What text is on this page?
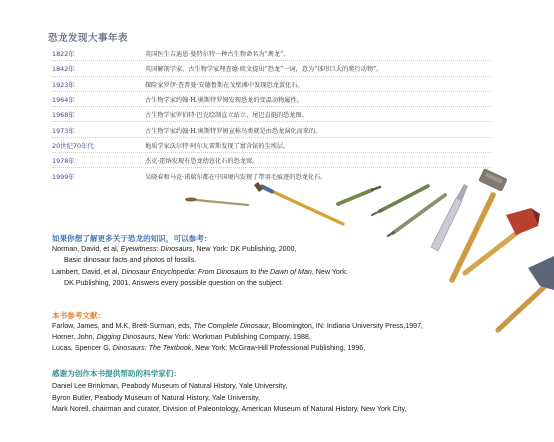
恐龙发现大事年表
1822年	英国医生吉迪恩·曼特尔特一种古生物命名为“禽龙”。
1842年	英国解剖学家、古生物学家理查德·欧文提出“恐龙”一词，意为“体形巨大的爬行动物”。
1923年	探险家罗伊·查普曼·安德鲁斯在戈壁滩中发现恐龙蛋化石。
1964年	古生物学家约翰·H.奥斯特罗姆发现恐龙的变温动物属性。
1968年	古生物学家罗伯特·巴克绘制直立站立、尾巴直挺的恐龙图。
1973年	古生物学家约翰·H.奥斯特罗姆宣称鸟类就是由恐龙演化而来的。
20世纪70年代	地质学家沃尔特·阿尔瓦雷斯发现了富含铱的尘埃层。
1978年	杰克·霍纳发现有恐龙幼崽化石的恐龙窝。
1999年	吴晓春和马克·诺瑞尔都在中国境内发现了带羽毛痕迹的恐龙化石。
如果你想了解更多关于恐龙的知识，可以参考：
Norman, David, et al, Eyewitness: Dinosaurs, New York: DK Publishing, 2000,
Basic dinosaur facts and photos of fossils.
Lambert, David, et al, Dinosaur Encyclopedia: From Dinosaurs to the Dawn of Man, New York:
DK Publishing, 2001, Answers every possible question on the subject.
本书参考文献：
Farlow, James, and M.K, Brett-Surman, eds, The Complete Dinosaur, Bloomington, IN: Indiana University Press,1997,
Horner, John, Digging Dinosaurs, New York: Workman Publishing Company, 1988,
Lucas, Spencer G, Dinosaurs: The Textbook, New York: McGraw-Hill Professional Publishing, 1996,
感谢为创作本书提供帮助的科学家们：
Daniel Lee Brinkman, Peabody Museum of Natural History, Yale University,
Byron Butler, Peabody Museum of Natural History, Yale University,
Mark Norell, chairman and curator, Division of Paleontology, American Museum of Natural History, New York City,
